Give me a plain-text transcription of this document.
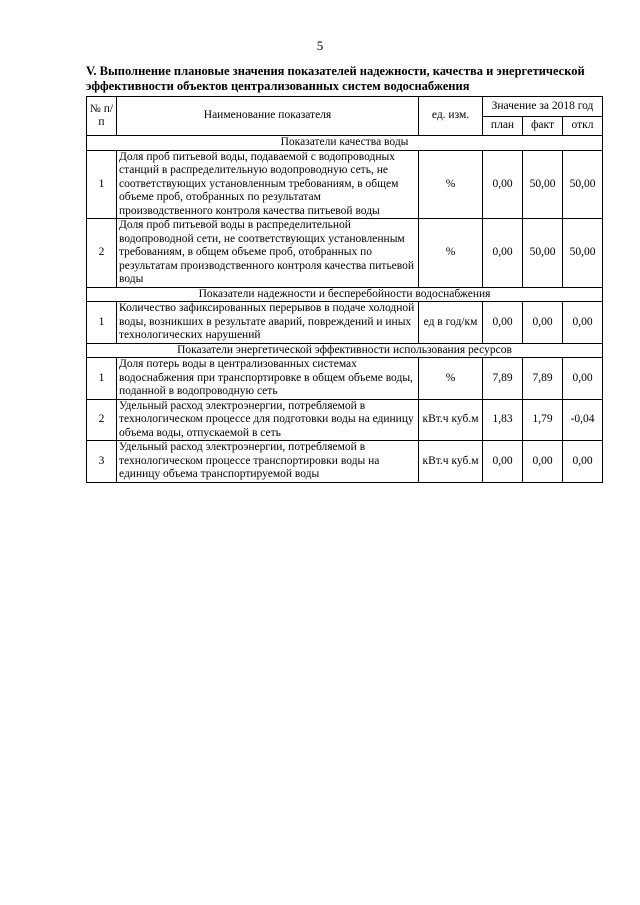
5
V. Выполнение плановые значения показателей надежности, качества и энергетической эффективности объектов централизованных систем водоснабжения
№ п/п	Наименование показателя	ед. изм.	Значение за 2018 год		
			план	факт	откл
Показатели качества воды					
1	Доля проб питьевой воды, подаваемой с водопроводных станций в распределительную водопроводную сеть, не соответствующих установленным требованиям, в общем объеме проб, отобранных по результатам производственного контроля качества питьевой воды	%	0,00	50,00	50,00
2	Доля проб питьевой воды в распределительной водопроводной сети, не соответствующих установленным требованиям, в общем объеме проб, отобранных по результатам производственного контроля качества питьевой воды	%	0,00	50,00	50,00
Показатели надежности и бесперебойности водоснабжения					
1	Количество зафиксированных перерывов в подаче холодной воды, возникших в результате аварий, повреждений и иных технологических нарушений	ед в год/км	0,00	0,00	0,00
Показатели энергетической эффективности использования ресурсов					
1	Доля потерь воды в централизованных системах водоснабжения при транспортировке в общем объеме воды, поданной в водопроводную сеть	%	7,89	7,89	0,00
2	Удельный расход электроэнергии, потребляемой в технологическом процессе для подготовки воды на единицу объема воды, отпускаемой в сеть	кВт.ч куб.м	1,83	1,79	-0,04
3	Удельный расход электроэнергии, потребляемой в технологическом процессе транспортировки воды на единицу объема транспортируемой воды	кВт.ч куб.м	0,00	0,00	0,00
